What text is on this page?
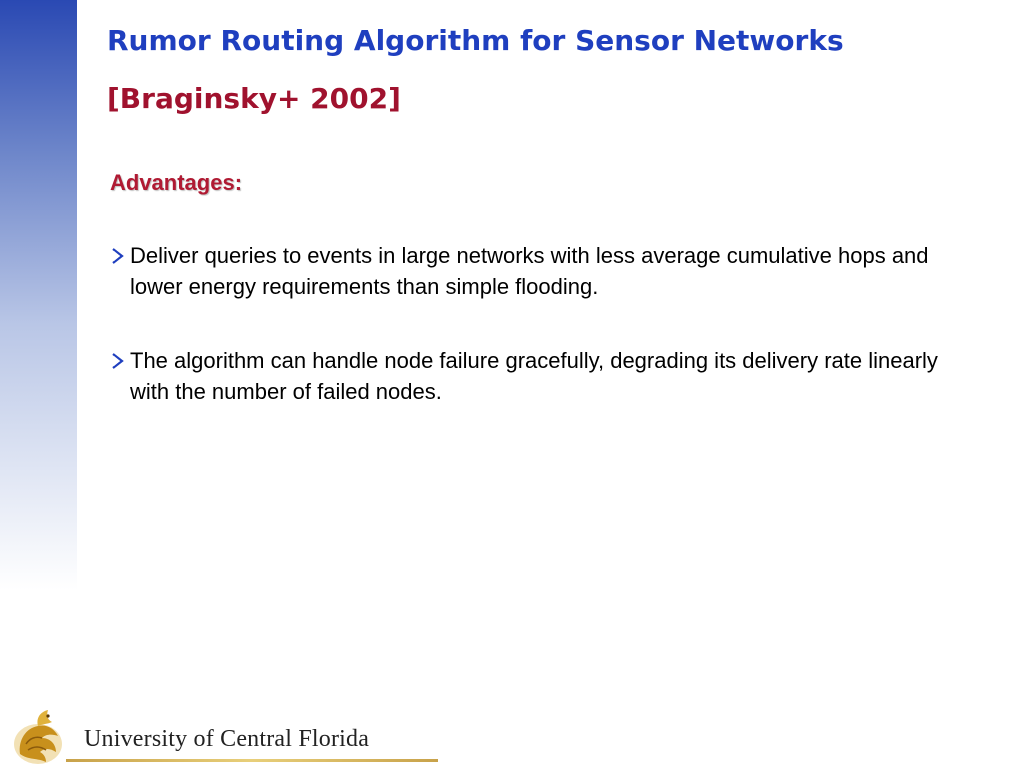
Rumor Routing Algorithm for Sensor Networks
[Braginsky+ 2002]
Advantages:
Deliver queries to events in large networks with less average cumulative hops and lower energy requirements than simple flooding.
The algorithm can handle node failure gracefully, degrading its delivery rate linearly with the number of failed nodes.
University of Central Florida
